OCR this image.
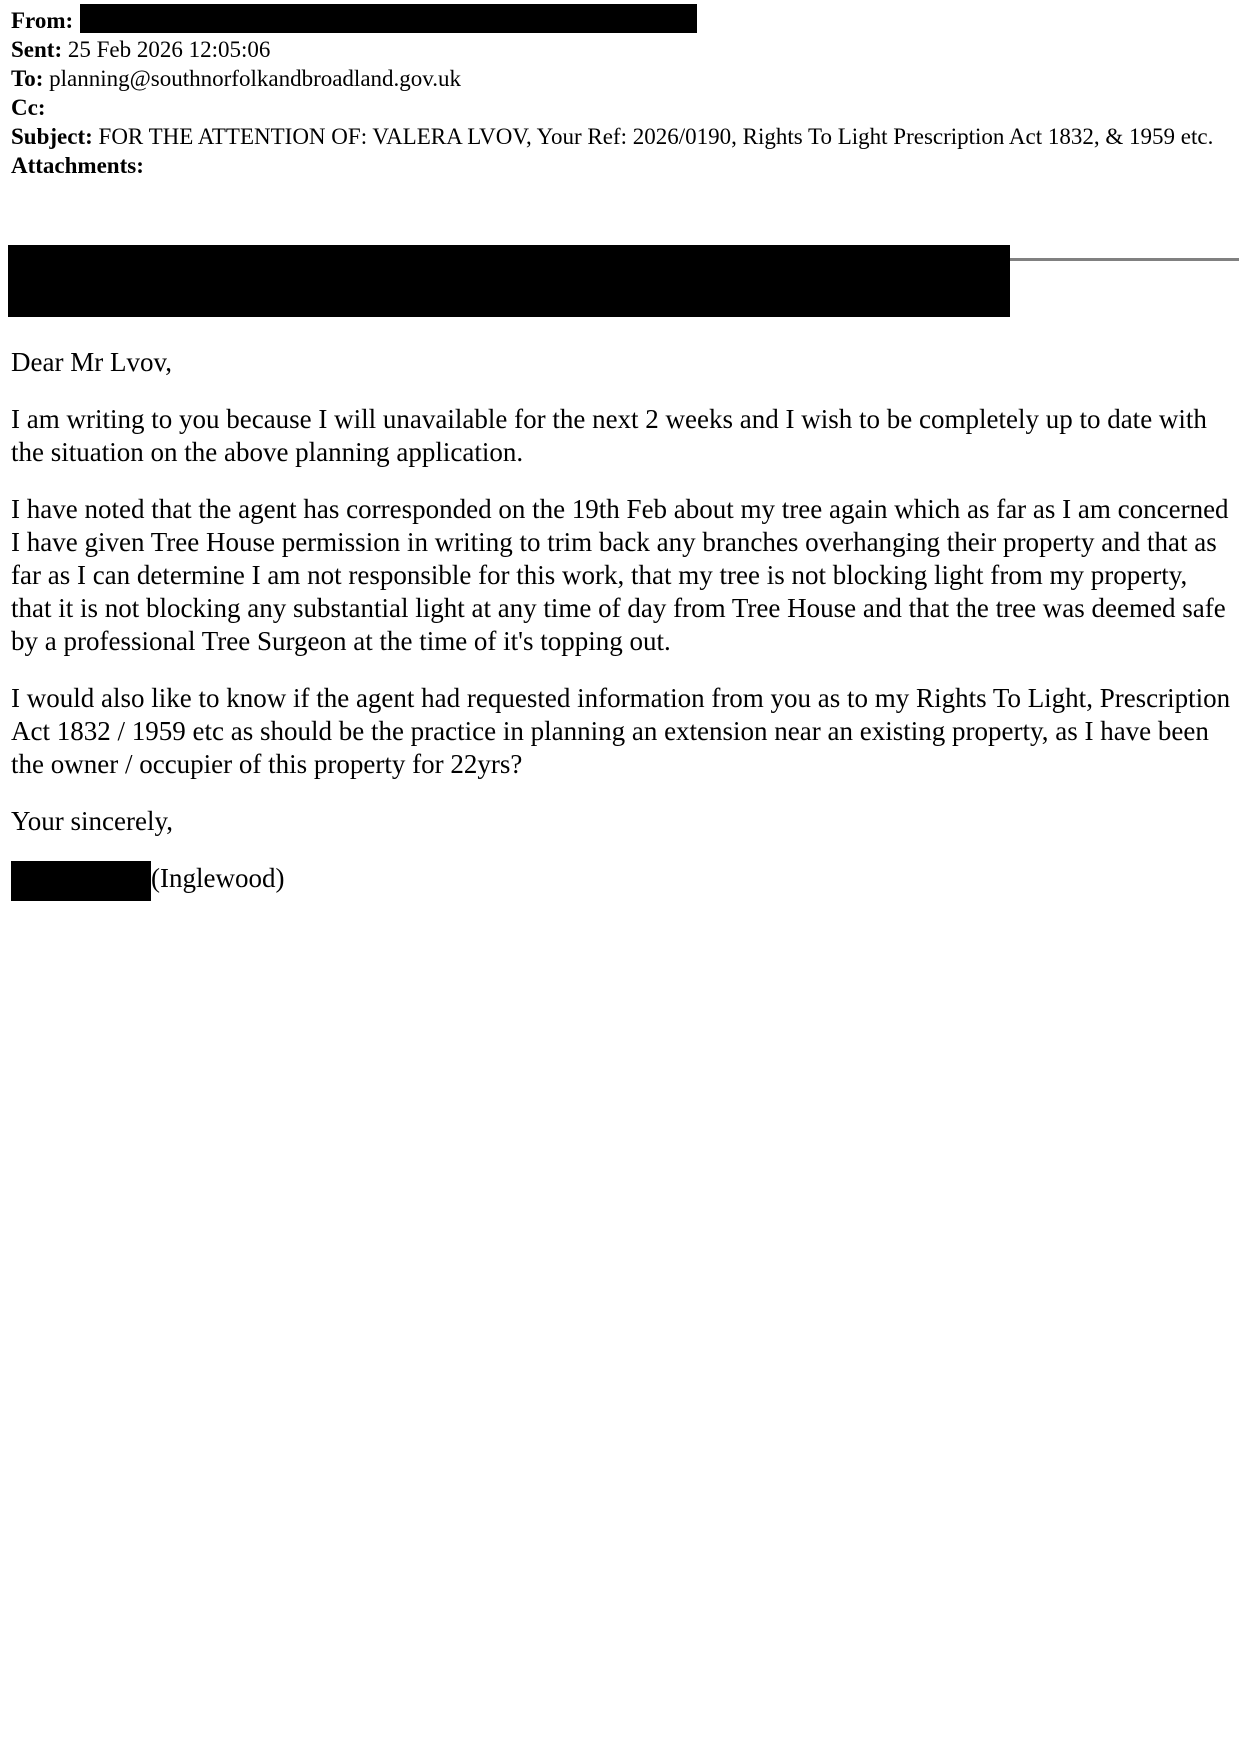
From:
Sent: 25 Feb 2026 12:05:06
To: planning@southnorfolkandbroadland.gov.uk
Cc:
Subject: FOR THE ATTENTION OF: VALERA LVOV, Your Ref: 2026/0190, Rights To Light Prescription Act 1832, & 1959 etc.
Attachments:

Dear Mr Lvov,

I am writing to you because I will unavailable for the next 2 weeks and I wish to be completely up to date with the situation on the above planning application.

I have noted that the agent has corresponded on the 19th Feb about my tree again which as far as I am concerned I have given Tree House permission in writing to trim back any branches overhanging their property and that as far as I can determine I am not responsible for this work, that my tree is not blocking light from my property, that it is not blocking any substantial light at any time of day from Tree House and that the tree was deemed safe by a professional Tree Surgeon at the time of it's topping out.

I would also like to know if the agent had requested information from you as to my Rights To Light, Prescription Act 1832 / 1959 etc as should be the practice in planning an extension near an existing property, as I have been the owner / occupier of this property for 22yrs?

Your sincerely,

(Inglewood)
